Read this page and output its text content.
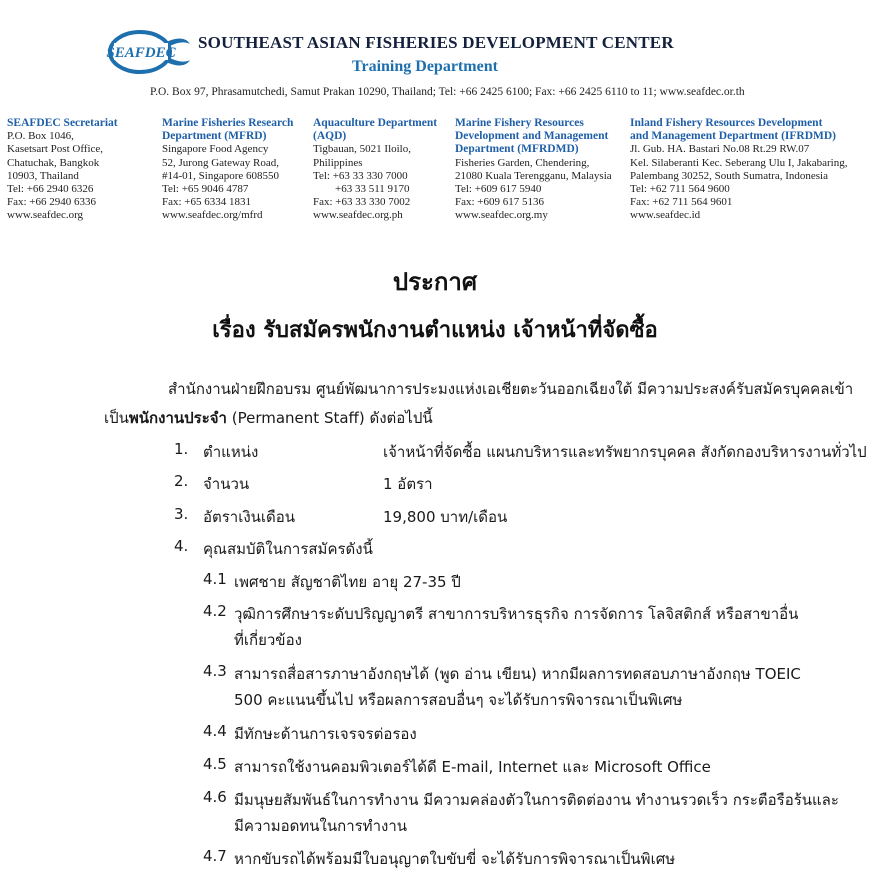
SEAFDEC
SOUTHEAST ASIAN FISHERIES DEVELOPMENT CENTER
Training Department
P.O. Box 97, Phrasamutchedi, Samut Prakan 10290, Thailand; Tel: +66 2425 6100; Fax: +66 2425 6110 to 11; www.seafdec.or.th
SEAFDEC Secretariat
P.O. Box 1046,
Kasetsart Post Office,
Chatuchak, Bangkok
10903, Thailand
Tel: +66 2940 6326
Fax: +66 2940 6336
www.seafdec.org
Marine Fisheries Research
Department (MFRD)
Singapore Food Agency
52, Jurong Gateway Road,
#14-01, Singapore 608550
Tel: +65 9046 4787
Fax: +65 6334 1831
www.seafdec.org/mfrd
Aquaculture Department
(AQD)
Tigbauan, 5021 Iloilo,
Philippines
Tel: +63 33 330 7000
+63 33 511 9170
Fax: +63 33 330 7002
www.seafdec.org.ph
Marine Fishery Resources
Development and Management
Department (MFRDMD)
Fisheries Garden, Chendering,
21080 Kuala Terengganu, Malaysia
Tel: +609 617 5940
Fax: +609 617 5136
www.seafdec.org.my
Inland Fishery Resources Development
and Management Department (IFRDMD)
Jl. Gub. HA. Bastari No.08 Rt.29 RW.07
Kel. Silaberanti Kec. Seberang Ulu I, Jakabaring,
Palembang 30252, South Sumatra, Indonesia
Tel: +62 711 564 9600
Fax: +62 711 564 9601
www.seafdec.id
ประกาศ
เรื่อง รับสมัครพนักงานตำแหน่ง เจ้าหน้าที่จัดซื้อ
สำนักงานฝ่ายฝึกอบรม ศูนย์พัฒนาการประมงแห่งเอเชียตะวันออกเฉียงใต้ มีความประสงค์รับสมัครบุคคลเข้า
เป็นพนักงานประจำ (Permanent Staff) ดังต่อไปนี้
1. ตำแหน่ง	เจ้าหน้าที่จัดซื้อ แผนกบริหารและทรัพยากรบุคคล สังกัดกองบริหารงานทั่วไป
2. จำนวน	1 อัตรา
3. อัตราเงินเดือน	19,800 บาท/เดือน
4. คุณสมบัติในการสมัครดังนี้
4.1 เพศชาย สัญชาติไทย อายุ 27-35 ปี
4.2 วุฒิการศึกษาระดับปริญญาตรี สาขาการบริหารธุรกิจ การจัดการ โลจิสติกส์ หรือสาขาอื่น
ที่เกี่ยวข้อง
4.3 สามารถสื่อสารภาษาอังกฤษได้ (พูด อ่าน เขียน) หากมีผลการทดสอบภาษาอังกฤษ TOEIC
500 คะแนนขึ้นไป หรือผลการสอบอื่นๆ จะได้รับการพิจารณาเป็นพิเศษ
4.4 มีทักษะด้านการเจรจรต่อรอง
4.5 สามารถใช้งานคอมพิวเตอร์ได้ดี E-mail, Internet และ Microsoft Office
4.6 มีมนุษยสัมพันธ์ในการทำงาน มีความคล่องตัวในการติดต่องาน ทำงานรวดเร็ว กระตือรือร้นและ
มีความอดทนในการทำงาน
4.7 หากขับรถได้พร้อมมีใบอนุญาตใบขับขี่ จะได้รับการพิจารณาเป็นพิเศษ
